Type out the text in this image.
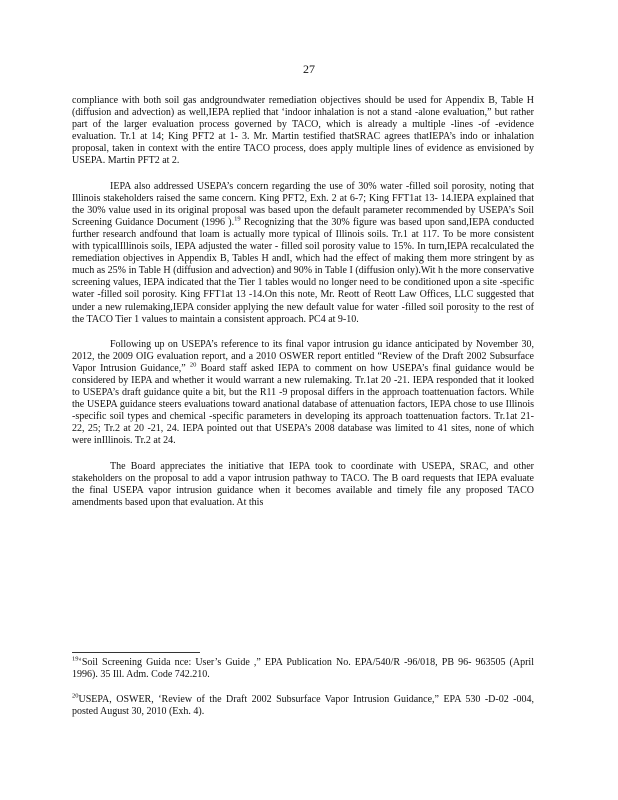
27

compliance with both soil gas andgroundwater remediation objectives should be used for Appendix B, Table H (diffusion and advection) as well,IEPA replied that ‘indoor inhalation is not a stand -alone evaluation,” but rather part of the larger evaluation process governed by TACO, which is already a multiple -lines -of -evidence evaluation. Tr.1 at 14; King PFT2 at 1- 3. Mr. Martin testified thatSRAC agrees thatIEPA’s indo or inhalation proposal, taken in context with the entire TACO process, does apply multiple lines of evidence as envisioned by USEPA. Martin PFT2 at 2.

IEPA also addressed USEPA’s concern regarding the use of 30% water -filled soil porosity, noting that Illinois stakeholders raised the same concern. King PFT2, Exh. 2 at 6-7; King FFT1at 13- 14.IEPA explained that the 30% value used in its original proposal was based upon the default parameter recommended by USEPA’s Soil Screening Guidance Document (1996 ).$^{19}$ Recognizing that the 30% figure was based upon sand,IEPA conducted further research andfound that loam is actually more typical of Illinois soils. Tr.1 at 117. To be more consistent with typicalIllinois soils, IEPA adjusted the water - filled soil porosity value to 15%. In turn,IEPA recalculated the remediation objectives in Appendix B, Tables H andI, which had the effect of making them more stringent by as much as 25% in Table H (diffusion and advection) and 90% in Table I (diffusion only).Wit h the more conservative screening values, IEPA indicated that the Tier 1 tables would no longer need to be conditioned upon a site -specific water -filled soil porosity. King FFT1at 13 -14.On this note, Mr. Reott of Reott Law Offices, LLC suggested that under a new rulemaking,IEPA consider applying the new default value for water -filled soil porosity to the rest of the TACO Tier 1 values to maintain a consistent approach. PC4 at 9-10.

Following up on USEPA’s reference to its final vapor intrusion gu idance anticipated by November 30, 2012, the 2009 OIG evaluation report, and a 2010 OSWER report entitled “Review of the Draft 2002 Subsurface Vapor Intrusion Guidance,” $^{20}$ Board staff asked IEPA to comment on how USEPA’s final guidance would be considered by IEPA and whether it would warrant a new rulemaking. Tr.1at 20 -21. IEPA responded that it looked to USEPA’s draft guidance quite a bit, but the R11 -9 proposal differs in the approach toattenuation factors. While the USEPA guidance steers evaluations toward anational database of attenuation factors, IEPA chose to use Illinois -specific soil types and chemical -specific parameters in developing its approach toattenuation factors. Tr.1at 21- 22, 25; Tr.2 at 20 -21, 24. IEPA pointed out that USEPA’s 2008 database was limited to 41 sites, none of which were inIllinois. Tr.2 at 24.

The Board appreciates the initiative that IEPA took to coordinate with USEPA, SRAC, and other stakeholders on the proposal to add a vapor intrusion pathway to TACO. The B oard requests that IEPA evaluate the final USEPA vapor intrusion guidance when it becomes available and timely file any proposed TACO amendments based upon that evaluation. At this

$^{19}$‘Soil Screening Guida nce: User’s Guide ,” EPA Publication No. EPA/540/R -96/018, PB 96- 963505 (April 1996). 35 Ill. Adm. Code 742.210.

$^{20}$USEPA, OSWER, ‘Review of the Draft 2002 Subsurface Vapor Intrusion Guidance,” EPA 530 -D-02 -004, posted August 30, 2010 (Exh. 4).
